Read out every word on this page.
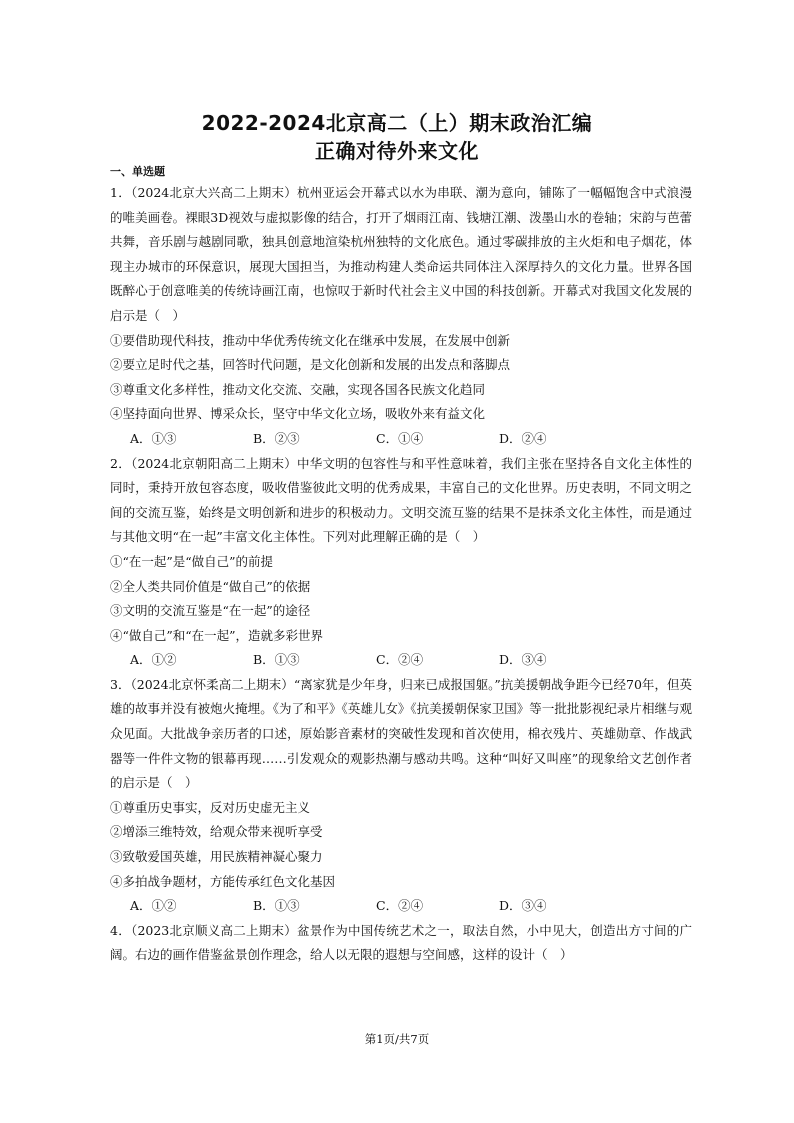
2022-2024北京高二（上）期末政治汇编
正确对待外来文化
一、单选题
1．（2024北京大兴高二上期末）杭州亚运会开幕式以水为串联、潮为意向，铺陈了一幅幅饱含中式浪漫的唯美画卷。裸眼3D视效与虚拟影像的结合，打开了烟雨江南、钱塘江潮、泼墨山水的卷轴；宋韵与芭蕾共舞，音乐剧与越剧同歌，独具创意地渲染杭州独特的文化底色。通过零碳排放的主火炬和电子烟花，体现主办城市的环保意识，展现大国担当，为推动构建人类命运共同体注入深厚持久的文化力量。世界各国既醉心于创意唯美的传统诗画江南，也惊叹于新时代社会主义中国的科技创新。开幕式对我国文化发展的启示是（　）
①要借助现代科技，推动中华优秀传统文化在继承中发展，在发展中创新
②要立足时代之基，回答时代问题，是文化创新和发展的出发点和落脚点
③尊重文化多样性，推动文化交流、交融，实现各国各民族文化趋同
④坚持面向世界、博采众长，坚守中华文化立场，吸收外来有益文化
A．①③	B．②③	C．①④	D．②④
2．（2024北京朝阳高二上期末）中华文明的包容性与和平性意味着，我们主张在坚持各自文化主体性的同时，秉持开放包容态度，吸收借鉴彼此文明的优秀成果，丰富自己的文化世界。历史表明，不同文明之间的交流互鉴，始终是文明创新和进步的积极动力。文明交流互鉴的结果不是抹杀文化主体性，而是通过与其他文明“在一起”丰富文化主体性。下列对此理解正确的是（　）
①“在一起”是“做自己”的前提
②全人类共同价值是“做自己”的依据
③文明的交流互鉴是“在一起”的途径
④“做自己”和“在一起”，造就多彩世界
A．①②	B．①③	C．②④	D．③④
3．（2024北京怀柔高二上期末）“离家犹是少年身，归来已成报国躯。”抗美援朝战争距今已经70年，但英雄的故事并没有被炮火掩埋。《为了和平》《英雄儿女》《抗美援朝保家卫国》等一批批影视纪录片相继与观众见面。大批战争亲历者的口述，原始影音素材的突破性发现和首次使用，棉衣残片、英雄勋章、作战武器等一件件文物的银幕再现……引发观众的观影热潮与感动共鸣。这种“叫好又叫座”的现象给文艺创作者的启示是（　）
①尊重历史事实，反对历史虚无主义
②增添三维特效，给观众带来视听享受
③致敬爱国英雄，用民族精神凝心聚力
④多拍战争题材，方能传承红色文化基因
A．①②	B．①③	C．②④	D．③④
4．（2023北京顺义高二上期末）盆景作为中国传统艺术之一，取法自然，小中见大，创造出方寸间的广阔。右边的画作借鉴盆景创作理念，给人以无限的遐想与空间感，这样的设计（　）
第1页/共7页
